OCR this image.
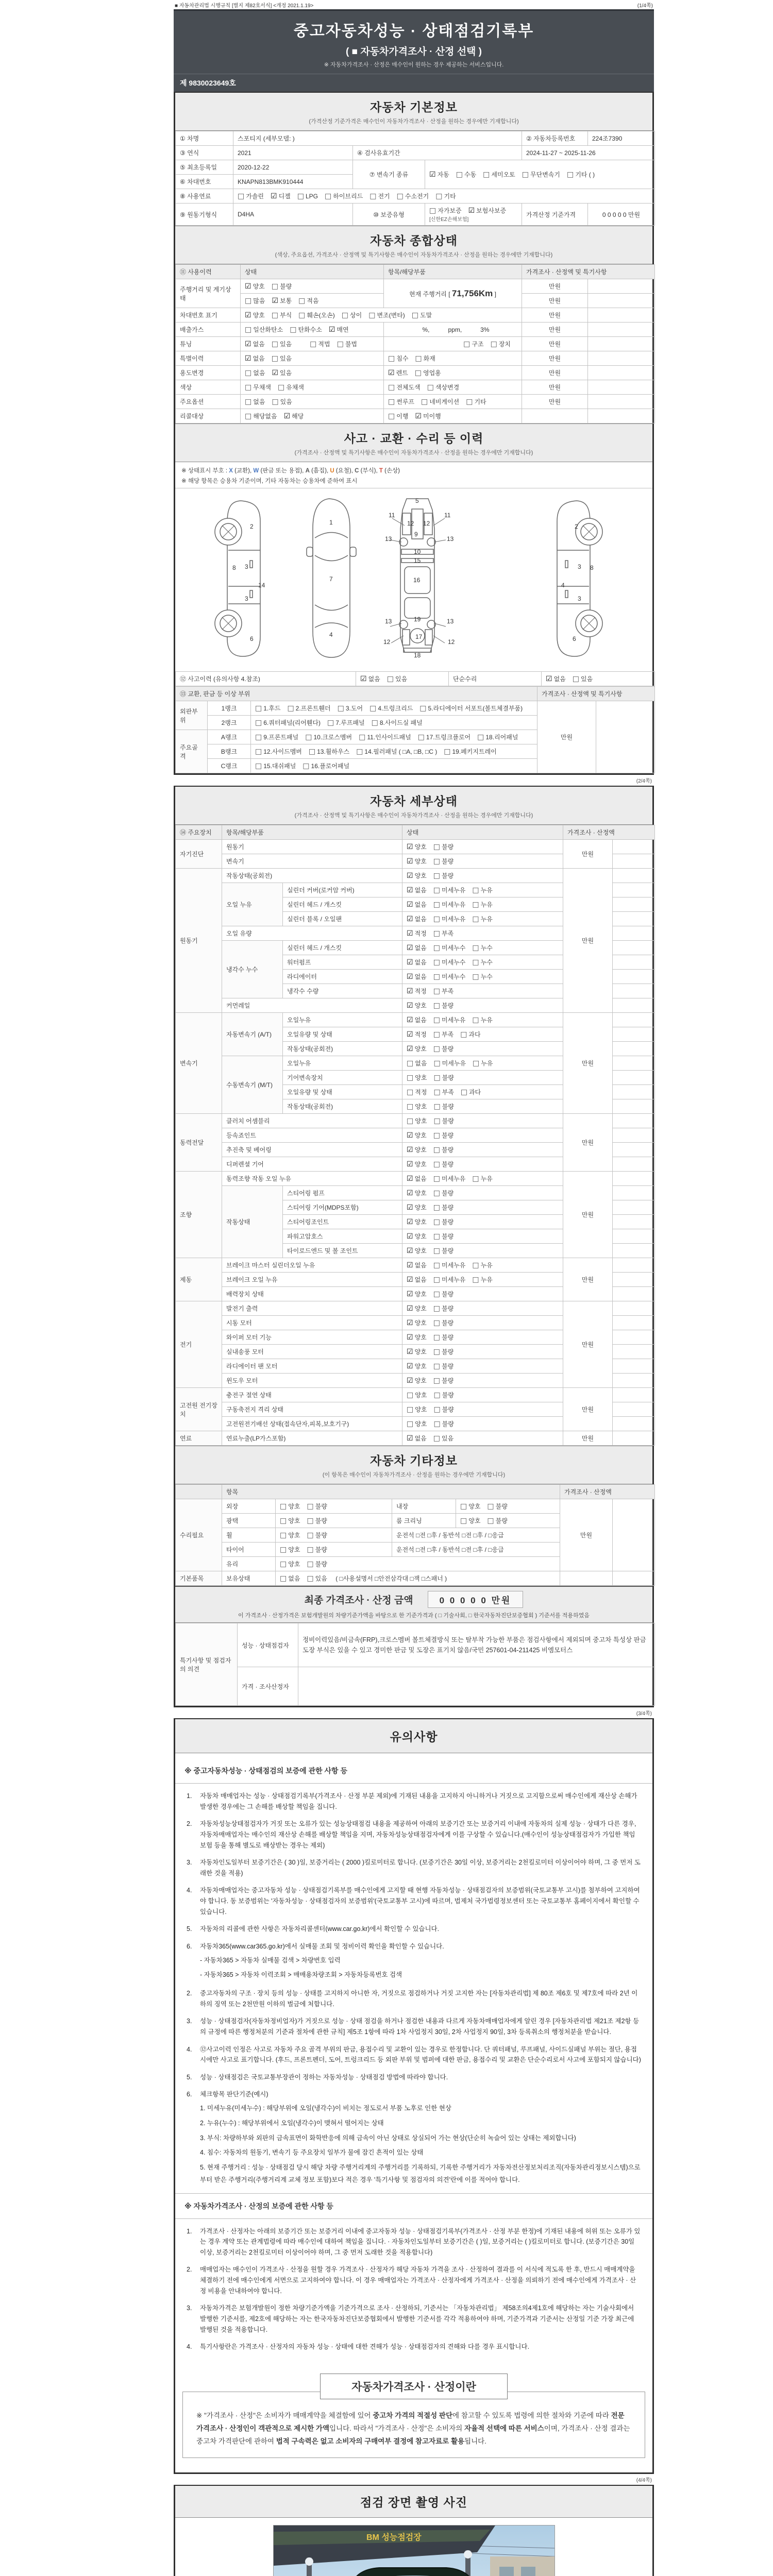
■ 자동차관리법 시행규칙 [별지 제82호서식] <개정 2021.1.19>	(1/4쪽)
중고자동차성능 · 상태점검기록부
( ■ 자동차가격조사 · 산정 선택 )
※ 자동차가격조사 · 산정은 매수인이 원하는 경우 제공하는 서비스입니다.
제 9830023649호
자동차 기본정보
(가격산정 기준가격은 매수인이 자동차가격조사 · 산정을 원하는 경우에만 기재합니다)
① 차명	스포티지 (세부모델: )			② 자동차등록번호	224조7390
③ 연식	2021	④ 검사유효기간		2024-11-27 ~ 2025-11-26	
⑤ 최초등록일	2020-12-22	⑦ 변속기 종류	☑ 자동 □ 수동 □ 세미오토 □ 무단변속기 □ 기타 ( )		
⑥ 차대번호	KNAPN813BMK910444				
⑧ 사용연료	□ 가솔린 ☑ 디젤 □ LPG □ 하이브리드 □ 전기 □ 수소전기 □ 기타				
⑨ 원동기형식	D4HA	⑩ 보증유형	□ 자가보증 ☑ 보험사보증 [신한EZ손해보험]	가격산정 기준가격	0 0 0 0 0 만원
자동차 종합상태
(색상, 주요옵션, 가격조사 · 산정액 및 특기사항은 매수인이 자동차가격조사 · 산정을 원하는 경우에만 기재합니다)
⑪ 사용이력	상태	항목/해당부품	가격조사 · 산정액 및 특기사항	
주행거리 및 계기상태	☑ 양호 □ 불량	현재 주행거리 [ 71,756Km ]	만원	
	□ 많음 ☑ 보통 □ 적음		만원	
차대번호 표기	☑ 양호 □ 부식 □ 훼손(오손) □ 상이 □ 변조(변타) □ 도말		만원	
배출가스	□ 일산화탄소 □ 탄화수소 ☑ 매연	　%,　　　ppm,　　　3%	만원	
튜닝	☑ 없음 □ 있음 □ 적법 □ 불법	□ 구조 □ 장치	만원	
특별이력	☑ 없음 □ 있음	□ 침수 □ 화재	만원	
용도변경	□ 없음 ☑ 있음	☑ 렌트 □ 영업용	만원	
색상	□ 무채색 □ 유채색	□ 전체도색 □ 색상변경	만원	
주요옵션	□ 없음 □ 있음	□ 썬루프 □ 네비게이션 □ 기타	만원	
리콜대상	□ 해당없음 ☑ 해당	□ 이행 ☑ 미이행		
사고 · 교환 · 수리 등 이력
(가격조사 · 산정액 및 특기사항은 매수인이 자동차가격조사 · 산정을 원하는 경우에만 기재합니다)
※ 상태표시 부호 : X (교환), W (판금 또는 용접), A (흠집), U (요철), C (부식), T (손상)
※ 해당 항목은 승용차 기준이며, 기타 자동차는 승용차에 준하여 표시
2
8 3
14
3
6
1
7
4
5
11	11
13	13
12 12
9
10
15
16
13	13
19
12	12
17
18
2
8
3
4
3
6
⑫ 사고이력 (유의사항 4.참조)	☑ 없음 □ 있음	단순수리	☑ 없음 □ 있음
⑬ 교환, 판금 등 이상 부위			가격조사 · 산정액 및 특기사항	
외판부위	1랭크	□ 1.후드 □ 2.프론트휀더 □ 3.도어 □ 4.트렁크리드 □ 5.라디에이터 서포트(볼트체결부품)	만원	
	2랭크	□ 6.쿼터패널(리어휀다) □ 7.루프패널 □ 8.사이드실 패널		
주요골격	A랭크	□ 9.프론트패널 □ 10.크로스멤버 □ 11.인사이드패널 □ 17.트렁크플로어 □ 18.리어패널		
	B랭크	□ 12.사이드멤버 □ 13.휠하우스 □ 14.필러패널 ( □A, □B, □C ) □ 19.페키지트레이		
	C랭크	□ 15.대쉬패널 □ 16.플로어패널		
(2/4쪽)
자동차 세부상태
(가격조사 · 산정액 및 특기사항은 매수인이 자동차가격조사 · 산정을 원하는 경우에만 기재합니다)
⑭ 주요장치	항목/해당부품		상태	가격조사 · 산정액	
자기진단	원동기		☑ 양호 □ 불량	만원	
	변속기		☑ 양호 □ 불량		
원동기	작동상태(공회전)		☑ 양호 □ 불량	만원	
	오일 누유	실린더 커버(로커암 커버)	☑ 없음 □ 미세누유 □ 누유		
		실린더 헤드 / 개스킷	☑ 없음 □ 미세누유 □ 누유		
		실린더 블록 / 오일팬	☑ 없음 □ 미세누유 □ 누유		
	오일 유량		☑ 적정 □ 부족		
	냉각수 누수	실린더 헤드 / 개스킷	☑ 없음 □ 미세누수 □ 누수		
		워터펌프	☑ 없음 □ 미세누수 □ 누수		
		라디에이터	☑ 없음 □ 미세누수 □ 누수		
		냉각수 수량	☑ 적정 □ 부족		
	커먼레일		☑ 양호 □ 불량		
변속기	자동변속기 (A/T)	오일누유	☑ 없음 □ 미세누유 □ 누유	만원	
		오일유량 및 상태	☑ 적정 □ 부족 □ 과다		
		작동상태(공회전)	☑ 양호 □ 불량		
	수동변속기 (M/T)	오일누유	□ 없음 □ 미세누유 □ 누유		
		기어변속장치	□ 양호 □ 불량		
		오일유량 및 상태	□ 적정 □ 부족 □ 과다		
		작동상태(공회전)	□ 양호 □ 불량		
동력전달	클러치 어셈블리		□ 양호 □ 불량	만원	
	등속죠인트		☑ 양호 □ 불량		
	추진축 및 베어링		☑ 양호 □ 불량		
	디퍼렌셜 기어		☑ 양호 □ 불량		
조향	동력조향 작동 오일 누유		☑ 없음 □ 미세누유 □ 누유	만원	
	작동상태	스티어링 펌프	☑ 양호 □ 불량		
		스티어링 기어(MDPS포함)	☑ 양호 □ 불량		
		스티어링조인트	☑ 양호 □ 불량		
		파워고압호스	☑ 양호 □ 불량		
		타이로드엔드 및 볼 조인트	☑ 양호 □ 불량		
제동	브레이크 마스터 실린더오일 누유		☑ 없음 □ 미세누유 □ 누유	만원	
	브레이크 오일 누유		☑ 없음 □ 미세누유 □ 누유		
	배력장치 상태		☑ 양호 □ 불량		
전기	발전기 출력		☑ 양호 □ 불량	만원	
	시동 모터		☑ 양호 □ 불량		
	와이퍼 모터 기능		☑ 양호 □ 불량		
	실내송풍 모터		☑ 양호 □ 불량		
	라디에이터 팬 모터		☑ 양호 □ 불량		
	윈도우 모터		☑ 양호 □ 불량		
고전원 전기장치	충전구 절연 상태		□ 양호 □ 불량	만원	
	구동축전지 격리 상태		□ 양호 □ 불량		
	고전원전기배선 상태(접속단자,피복,보호기구)		□ 양호 □ 불량		
연료	연료누출(LP가스포함)		☑ 없음 □ 있음	만원	
자동차 기타정보
(이 항목은 매수인이 자동차가격조사 · 산정을 원하는 경우에만 기재합니다)
	항목				가격조사 · 산정액	
수리필요	외장	□ 양호 □ 불량	내장	□ 양호 □ 불량	만원	
	광택	□ 양호 □ 불량	룸 크리닝	□ 양호 □ 불량		
	휠	□ 양호 □ 불량	운전석 □전 □후 / 동반석 □전 □후 / □응급			
	타이어	□ 양호 □ 불량	운전석 □전 □후 / 동반석 □전 □후 / □응급			
	유리	□ 양호 □ 불량				
기본품목	보유상태	□ 없음 □ 있음 ( □사용설명서 □안전삼각대 □잭 □스패너 )				
최종 가격조사 · 산정 금액	0 0 0 0 0 만원
이 가격조사 · 산정가격은 보험개발원의 차량기준가액을 바탕으로 한 기준가격과 ( □ 기술사회, □ 한국자동차진단보증협회 ) 기준서를 적용하였음
특기사항 및 점검자의 의견	성능 · 상태점검자	정비이력있음/비금속(FRP),크로스멤버 볼트체결방식 또는 탈부착 가능한 부품은 점검사항에서 제외되며 중고차 특성상 판금 도장 부식은 있을 수 있고 경미한 판금 및 도장은 표기치 않음/국민 257601-04-211425 비엠모터스
	가격 · 조사산정자	
(3/4쪽)
유의사항
※ 중고자동차성능 · 상태점검의 보증에 관한 사항 등
1.	자동차 매매업자는 성능 · 상태점검기록부(가격조사 · 산정 부분 제외)에 기재된 내용을 고지하지 아니하거나 거짓으로 고지함으로써 매수인에게 재산상 손해가 발생한 경우에는 그 손해를 배상할 책임을 집니다.
2.	자동차성능상태점검자가 거짓 또는 오류가 있는 성능상태점검 내용을 제공하여 아래의 보증기간 또는 보증거리 이내에 자동차의 실제 성능 · 상태가 다른 경우, 자동차매매업자는 매수인의 재산상 손해를 배상할 책임을 지며, 자동차성능상태점검자에게 이를 구상할 수 있습니다.(매수인이 성능상태점검자가 가입한 책임보험 등을 통해 별도로 배상받는 경우는 제외)
3.	자동차인도일부터 보증기간은 ( 30 )일, 보증거리는 ( 2000 )킬로미터로 합니다. (보증기간은 30일 이상, 보증거리는 2천킬로미터 이상이어야 하며, 그 중 먼저 도래한 것을 적용)
4.	자동차매매업자는 중고자동차 성능 · 상태점검기록부를 매수인에게 고지할 때 현행 자동차성능 · 상태점검자의 보증범위(국토교통부 고시)를 첨부하여 고지하여야 합니다. 동 보증범위는 '자동차성능 · 상태점검자의 보증범위'(국토교통부 고시)에 따르며, 법제처 국가법령정보센터 또는 국토교통부 홈페이지에서 확인할 수 있습니다.
5.	자동차의 리콜에 관한 사항은 자동차리콜센터(www.car.go.kr)에서 확인할 수 있습니다.
6.	자동차365(www.car365.go.kr)에서 실매물 조회 및 정비이력 확인을 확인할 수 있습니다.
- 자동차365 > 자동차 실매물 검색 > 차량번호 입력
- 자동차365 > 자동차 이력조회 > 매매용차량조회 > 자동차등록번호 검색
2.	중고자동차의 구조 · 장치 등의 성능 · 상태를 고지하지 아니한 자, 거짓으로 점검하거나 거짓 고지한 자는 [자동차관리법] 제 80조 제6호 및 제7호에 따라 2년 이하의 징역 또는 2천만원 이하의 벌금에 처합니다.
3.	성능 · 상태점검자(자동차정비업자)가 거짓으로 성능 · 상태 점검을 하거나 점검한 내용과 다르게 자동차매매업자에게 알린 경우 [자동차관리법 제21조 제2항 등의 규정에 따른 행정처분의 기준과 절차에 관한 규칙] 제5조 1항에 따라 1차 사업정지 30일, 2차 사업정지 90일, 3차 등록취소의 행정처분을 받습니다.
4.	⑫사고이력 인정은 사고로 자동차 주요 골격 부위의 판금, 용접수리 및 교환이 있는 경우로 한정합니다. 단 쿼터패널, 루프패널, 사이드실패널 부위는 절단, 용접 시에만 사고로 표기합니다. (후드, 프론트펜더, 도어, 트렁크리드 등 외판 부위 및 범퍼에 대한 판금, 용접수리 및 교환은 단순수리로서 사고에 포함되지 않습니다)
5.	성능 · 상태점검은 국토교통부장관이 정하는 자동차성능 · 상태점검 방법에 따라야 합니다.
6.	체크항목 판단기준(예시)
1. 미세누유(미세누수) : 해당부위에 오일(냉각수)이 비치는 정도로서 부품 노후로 인한 현상
2. 누유(누수) : 해당부위에서 오일(냉각수)이 맺혀서 떨어지는 상태
3. 부식: 차량하부와 외판의 금속표면이 화학반응에 의해 금속이 아닌 상태로 상실되어 가는 현상(단순히 녹슬어 있는 상태는 제외합니다)
4. 침수: 자동차의 원동기, 변속기 등 주요장치 일부가 물에 잠긴 흔적이 있는 상태
5. 현재 주행거리 : 성능 · 상태점검 당시 해당 차량 주행거리계의 주행거리를 기록하되, 기록한 주행거리가 자동차전산정보처리조직(자동차관리정보시스템)으로부터 받은 주행거리(주행거리계 교체 정보 포함)보다 적은 경우 '특기사항 및 점검자의 의견'란에 이를 적어야 합니다.
※ 자동차가격조사 · 산정의 보증에 관한 사항 등
1.	가격조사 · 산정자는 아래의 보증기간 또는 보증거리 이내에 중고자동차 성능 · 상태점검기록부(가격조사 · 산정 부분 한정)에 기재된 내용에 허위 또는 오류가 있는 경우 계약 또는 관계법령에 따라 매수인에 대하여 책임을 집니다. · 자동차인도일부터 보증기간은 ( )일, 보증거리는 ( )킬로미터로 합니다. (보증기간은 30일 이상, 보증거리는 2천킬로미터 이상이어야 하며, 그 중 먼저 도래한 것을 적용합니다)
2.	매매업자는 매수인이 가격조사 · 산정을 원할 경우 가격조사 · 산정자가 해당 자동차 가격을 조사 · 산정하여 결과를 이 서식에 적도록 한 후, 반드시 매매계약을 체결하기 전에 매수인에게 서면으로 고지하여야 합니다. 이 경우 매매업자는 가격조사 · 산정자에게 가격조사 · 산정을 의뢰하기 전에 매수인에게 가격조사 · 산정 비용을 안내하여야 합니다.
3.	자동차가격은 보험개발원이 정한 차량기준가액을 기준가격으로 조사 · 산정하되, 기준서는 「자동차관리법」 제58조의4제1호에 해당하는 자는 기술사회에서 발행한 기준서를, 제2호에 해당하는 자는 한국자동차진단보증협회에서 발행한 기준서를 각각 적용하여야 하며, 기준가격과 기준서는 산정일 기준 가장 최근에 발행된 것을 적용합니다.
4.	특기사항란은 가격조사 · 산정자의 자동차 성능 · 상태에 대한 견해가 성능 · 상태점검자의 견해와 다를 경우 표시합니다.
자동차가격조사 · 산정이란
※ "가격조사 · 산정"은 소비자가 매매계약을 체결함에 있어 중고차 가격의 적절성 판단에 참고할 수 있도록 법령에 의한 절차와 기준에 따라 전문 가격조사 · 산정인이 객관적으로 제시한 가액입니다. 따라서 "가격조사 · 산정"은 소비자의 자율적 선택에 따른 서비스이며, 가격조사 · 산정 결과는 중고차 가격판단에 관하여 법적 구속력은 없고 소비자의 구매여부 결정에 참고자료로 활용됩니다.
(4/4쪽)
점검 장면 촬영 사진
BM 성능점검장
